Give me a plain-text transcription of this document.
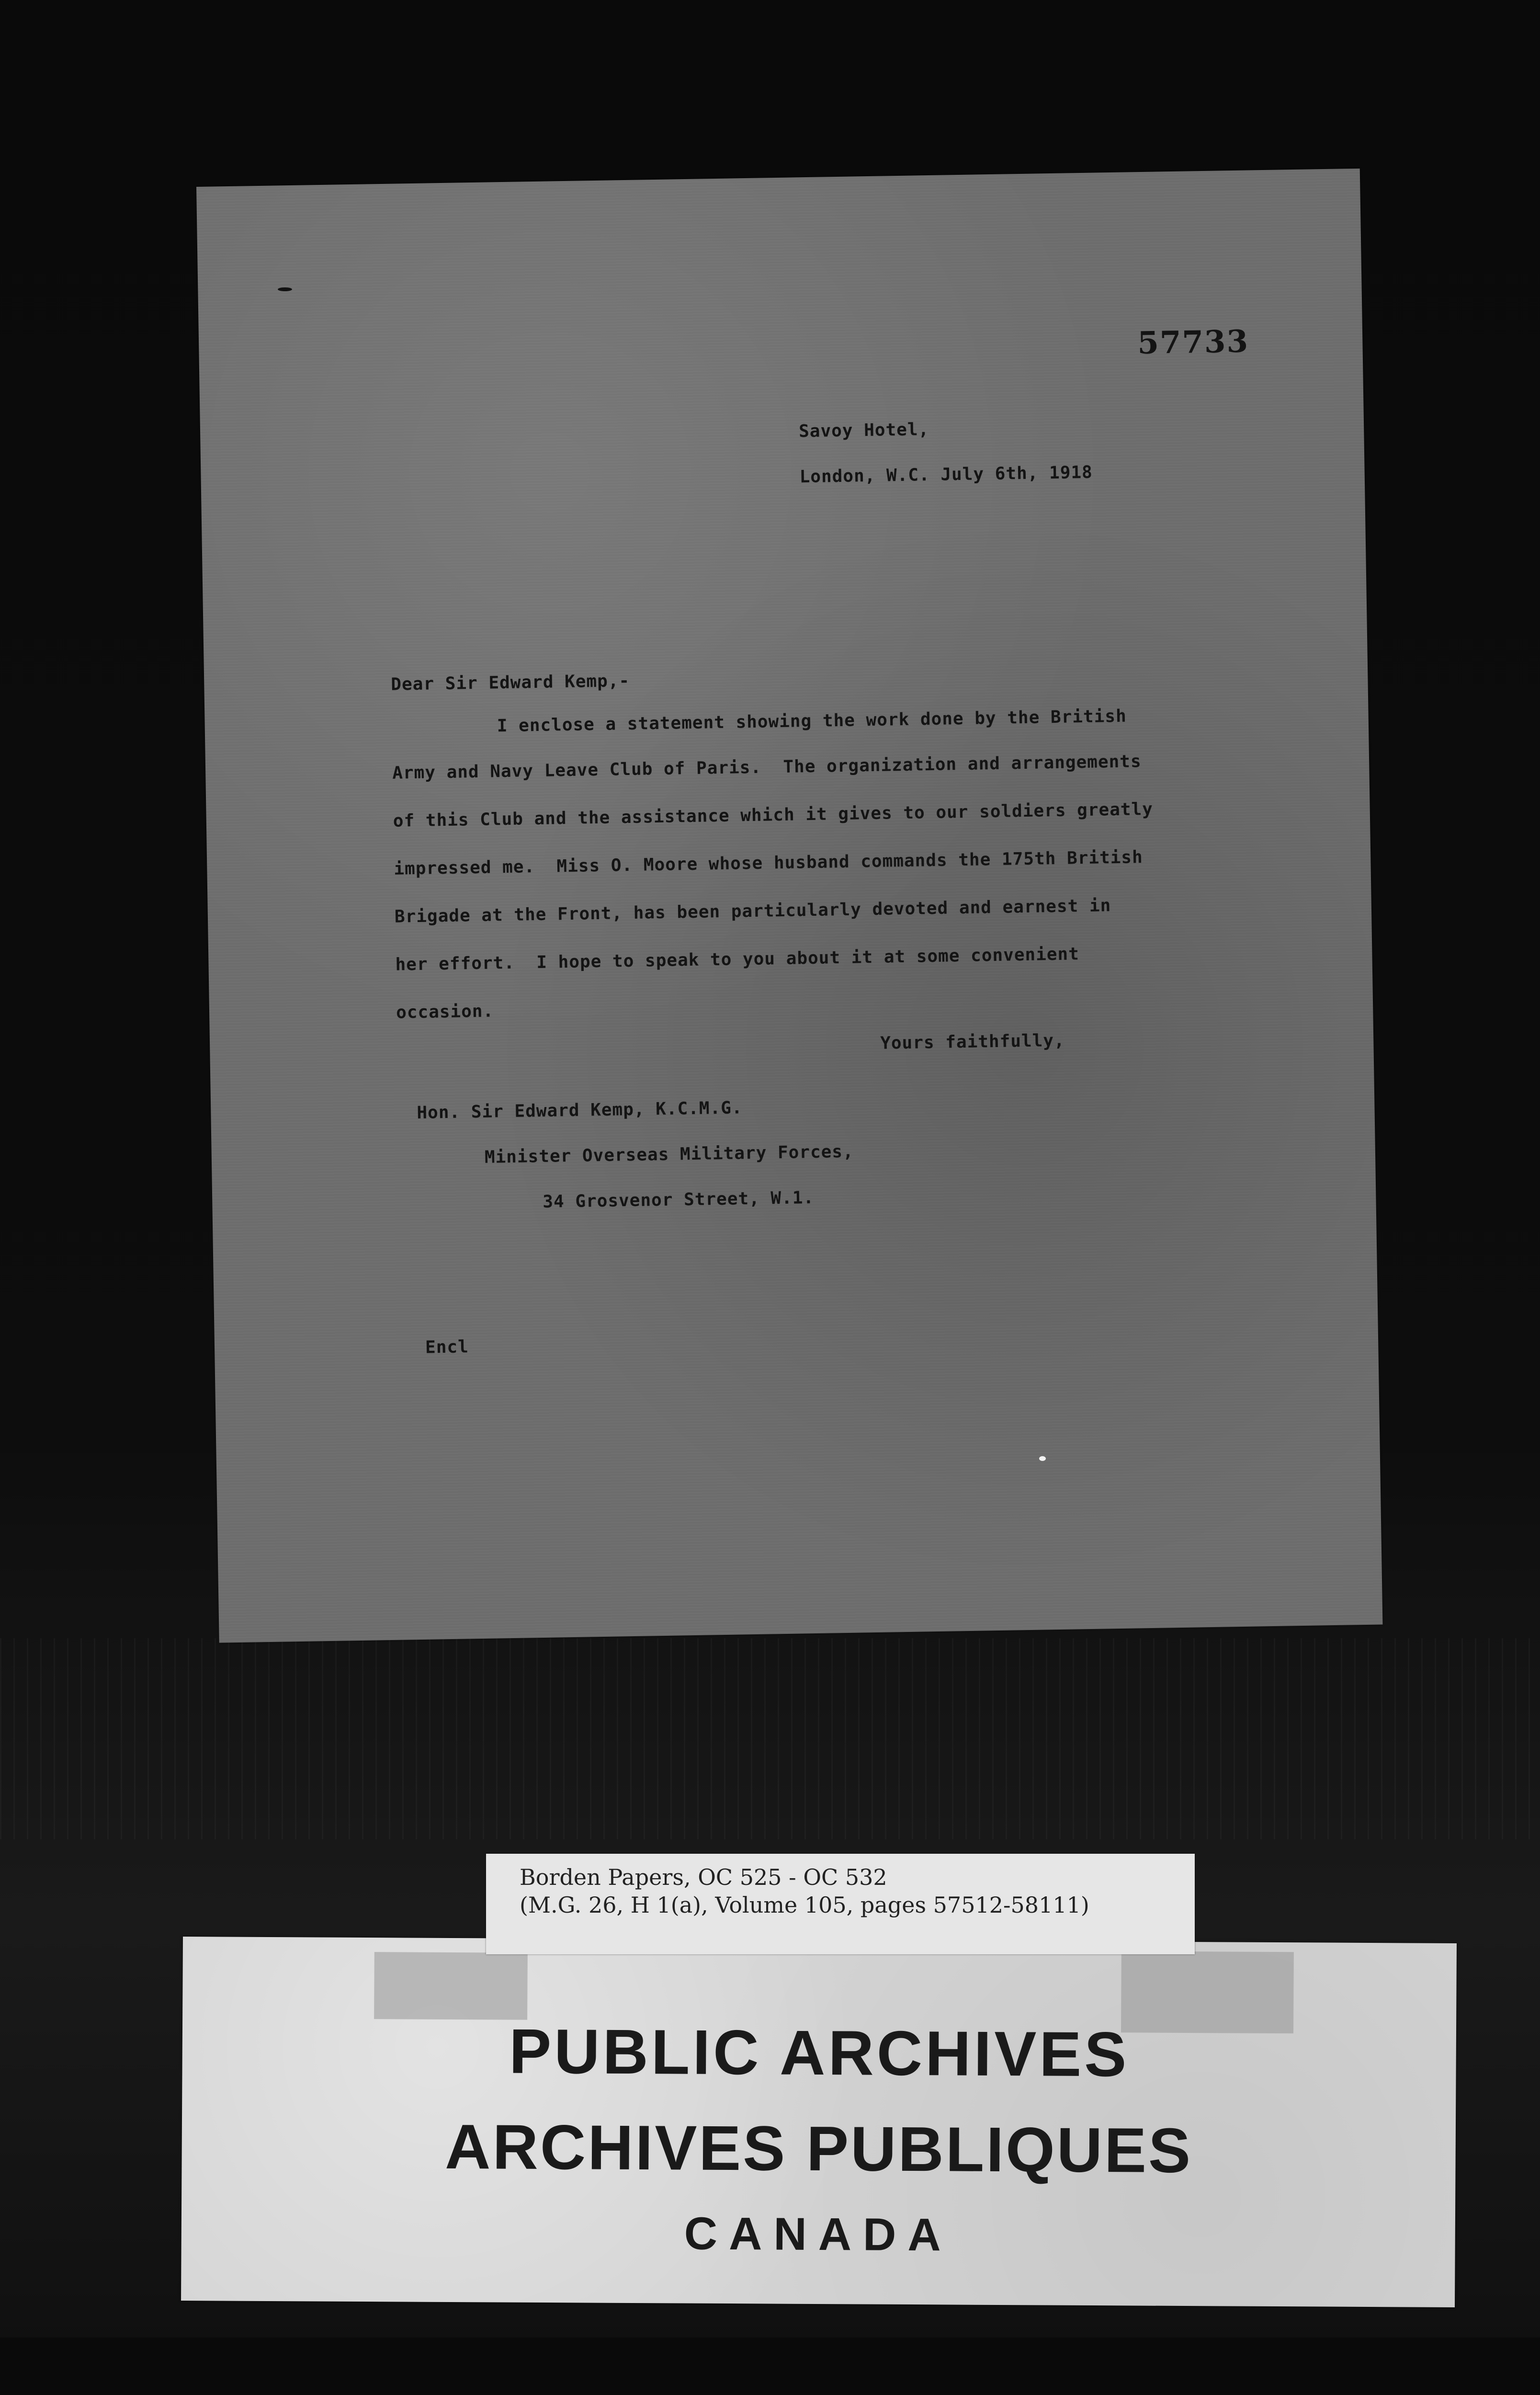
57733
Savoy Hotel,
London, W.C. July 6th, 1918
Dear Sir Edward Kemp,-
I enclose a statement showing the work done by the British
Army and Navy Leave Club of Paris.  The organization and arrangements
of this Club and the assistance which it gives to our soldiers greatly
impressed me.  Miss O. Moore whose husband commands the 175th British
Brigade at the Front, has been particularly devoted and earnest in
her effort.  I hope to speak to you about it at some convenient
occasion.
Yours faithfully,
Hon. Sir Edward Kemp, K.C.M.G.
Minister Overseas Military Forces,
34 Grosvenor Street, W.1.
Encl
PUBLIC ARCHIVES
ARCHIVES PUBLIQUES
CANADA
Borden Papers, OC 525 - OC 532
(M.G. 26, H 1(a), Volume 105, pages 57512-58111)
